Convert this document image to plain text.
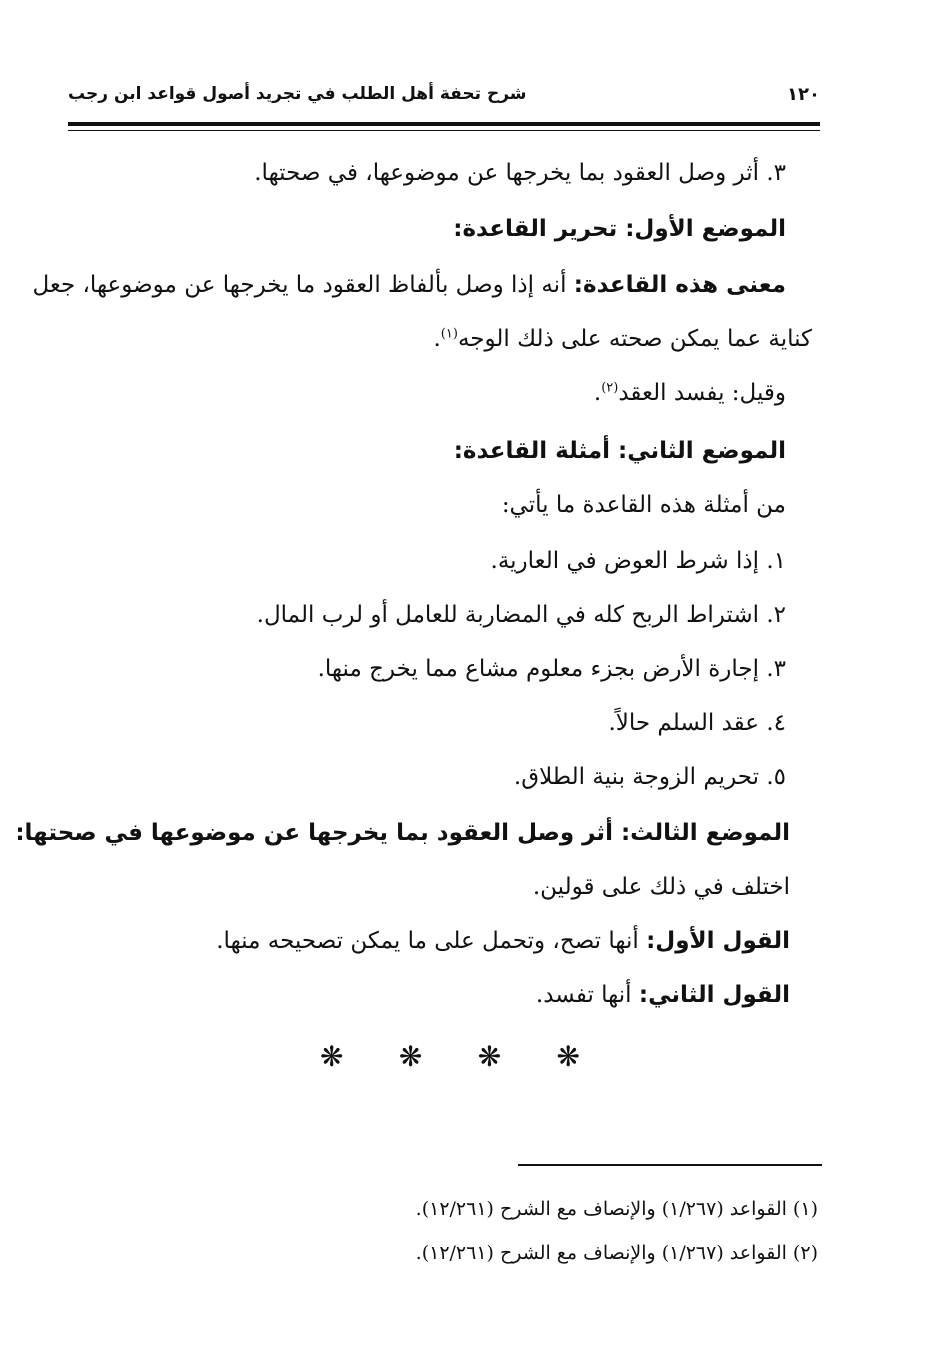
شرح تحفة أهل الطلب في تجريد أصول قواعد ابن رجب	١٢٠
٣. أثر وصل العقود بما يخرجها عن موضوعها، في صحتها.
الموضع الأول: تحرير القاعدة:
معنى هذه القاعدة: أنه إذا وصل بألفاظ العقود ما يخرجها عن موضوعها، جعل
كناية عما يمكن صحته على ذلك الوجه$^{(١)}$.
وقيل: يفسد العقد$^{(٢)}$.
الموضع الثاني: أمثلة القاعدة:
من أمثلة هذه القاعدة ما يأتي:
١. إذا شرط العوض في العارية.
٢. اشتراط الربح كله في المضاربة للعامل أو لرب المال.
٣. إجارة الأرض بجزء معلوم مشاع مما يخرج منها.
٤. عقد السلم حالاً.
٥. تحريم الزوجة بنية الطلاق.
الموضع الثالث: أثر وصل العقود بما يخرجها عن موضوعها في صحتها:
اختلف في ذلك على قولين.
القول الأول: أنها تصح، وتحمل على ما يمكن تصحيحه منها.
القول الثاني: أنها تفسد.
❋ ❋ ❋ ❋
(١) القواعد (١/٢٦٧) والإنصاف مع الشرح (١٢/٢٦١).
(٢) القواعد (١/٢٦٧) والإنصاف مع الشرح (١٢/٢٦١).
